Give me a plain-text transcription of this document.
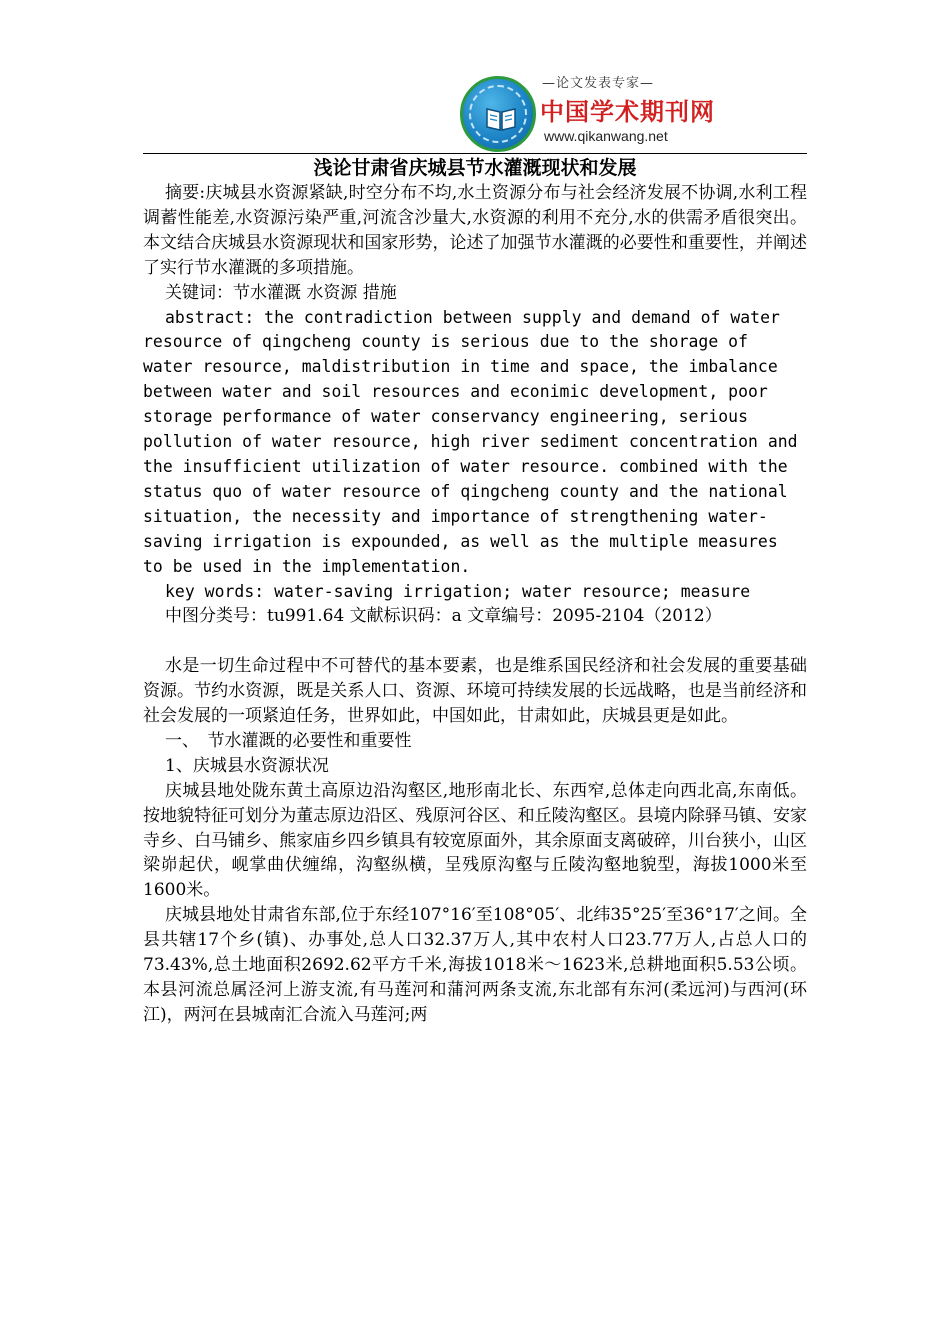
—论文发表专家—
中国学术期刊网
www.qikanwang.net
浅论甘肃省庆城县节水灌溉现状和发展

摘要:庆城县水资源紧缺,时空分布不均,水土资源分布与社会经济发展不协调,水利工程调蓄性能差,水资源污染严重,河流含沙量大,水资源的利用不充分,水的供需矛盾很突出。本文结合庆城县水资源现状和国家形势，论述了加强节水灌溉的必要性和重要性，并阐述了实行节水灌溉的多项措施。

关键词：节水灌溉 水资源 措施

abstract: the contradiction between supply and demand of water resource of qingcheng county is serious due to the shorage of water resource, maldistribution in time and space, the imbalance between water and soil resources and econimic development, poor storage performance of water conservancy engineering, serious pollution of water resource, high river sediment concentration and the insufficient utilization of water resource. combined with the status quo of water resource of qingcheng county and the national situation, the necessity and importance of strengthening water-saving irrigation is expounded, as well as the multiple measures to be used in the implementation.

key words: water-saving irrigation; water resource; measure

中图分类号：tu991.64 文献标识码：a 文章编号：2095-2104（2012）

水是一切生命过程中不可替代的基本要素，也是维系国民经济和社会发展的重要基础资源。节约水资源，既是关系人口、资源、环境可持续发展的长远战略，也是当前经济和社会发展的一项紧迫任务，世界如此，中国如此，甘肃如此，庆城县更是如此。

一、　节水灌溉的必要性和重要性

1、庆城县水资源状况

庆城县地处陇东黄土高原边沿沟壑区,地形南北长、东西窄,总体走向西北高,东南低。按地貌特征可划分为董志原边沿区、残原河谷区、和丘陵沟壑区。县境内除驿马镇、安家寺乡、白马铺乡、熊家庙乡四乡镇具有较宽原面外，其余原面支离破碎，川台狭小，山区梁峁起伏，岘掌曲伏缠绵，沟壑纵横，呈残原沟壑与丘陵沟壑地貌型，海拔1000米至1600米。

庆城县地处甘肃省东部,位于东经107°16′至108°05′、北纬35°25′至36°17′之间。全县共辖17个乡(镇)、办事处,总人口32.37万人,其中农村人口23.77万人,占总人口的73.43%,总土地面积2692.62平方千米,海拔1018米～1623米,总耕地面积5.53公顷。本县河流总属泾河上游支流,有马莲河和蒲河两条支流,东北部有东河(柔远河)与西河(环江)，两河在县城南汇合流入马莲河;两
